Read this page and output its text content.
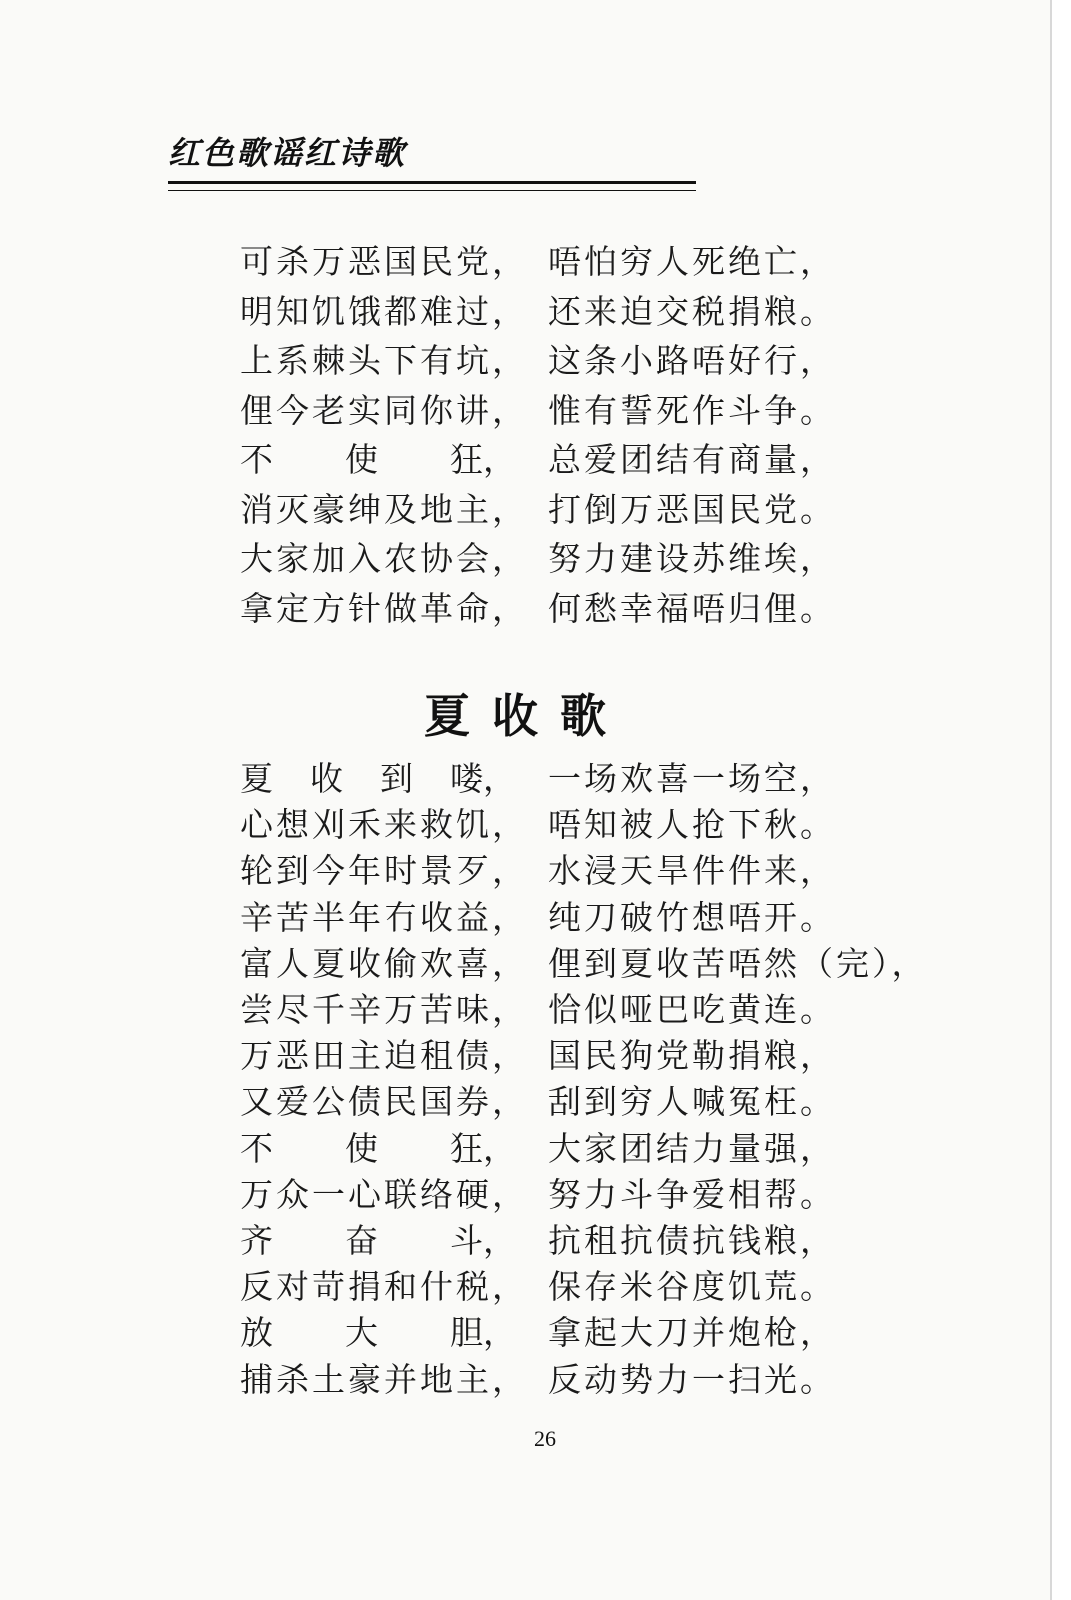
红色歌谣红诗歌
可杀万恶国民党， 唔怕穷人死绝亡，
明知饥饿都难过， 还来迫交税捐粮。
上系棘头下有坑， 这条小路唔好行，
俚今老实同你讲， 惟有誓死作斗争。
不 使 狂， 总爱团结有商量，
消灭豪绅及地主， 打倒万恶国民党。
大家加入农协会， 努力建设苏维埃，
拿定方针做革命， 何愁幸福唔归俚。
夏收歌
夏 收 到 喽， 一场欢喜一场空，
心想刈禾来救饥， 唔知被人抢下秋。
轮到今年时景歹， 水浸天旱件件来，
辛苦半年冇收益， 纯刀破竹想唔开。
富人夏收偷欢喜， 俚到夏收苦唔然（完），
尝尽千辛万苦味， 恰似哑巴吃黄连。
万恶田主迫租债， 国民狗党勒捐粮，
又爱公债民国券， 刮到穷人喊冤枉。
不 使 狂， 大家团结力量强，
万众一心联络硬， 努力斗争爱相帮。
齐 奋 斗， 抗租抗债抗钱粮，
反对苛捐和什税， 保存米谷度饥荒。
放 大 胆， 拿起大刀并炮枪，
捕杀土豪并地主， 反动势力一扫光。
26
